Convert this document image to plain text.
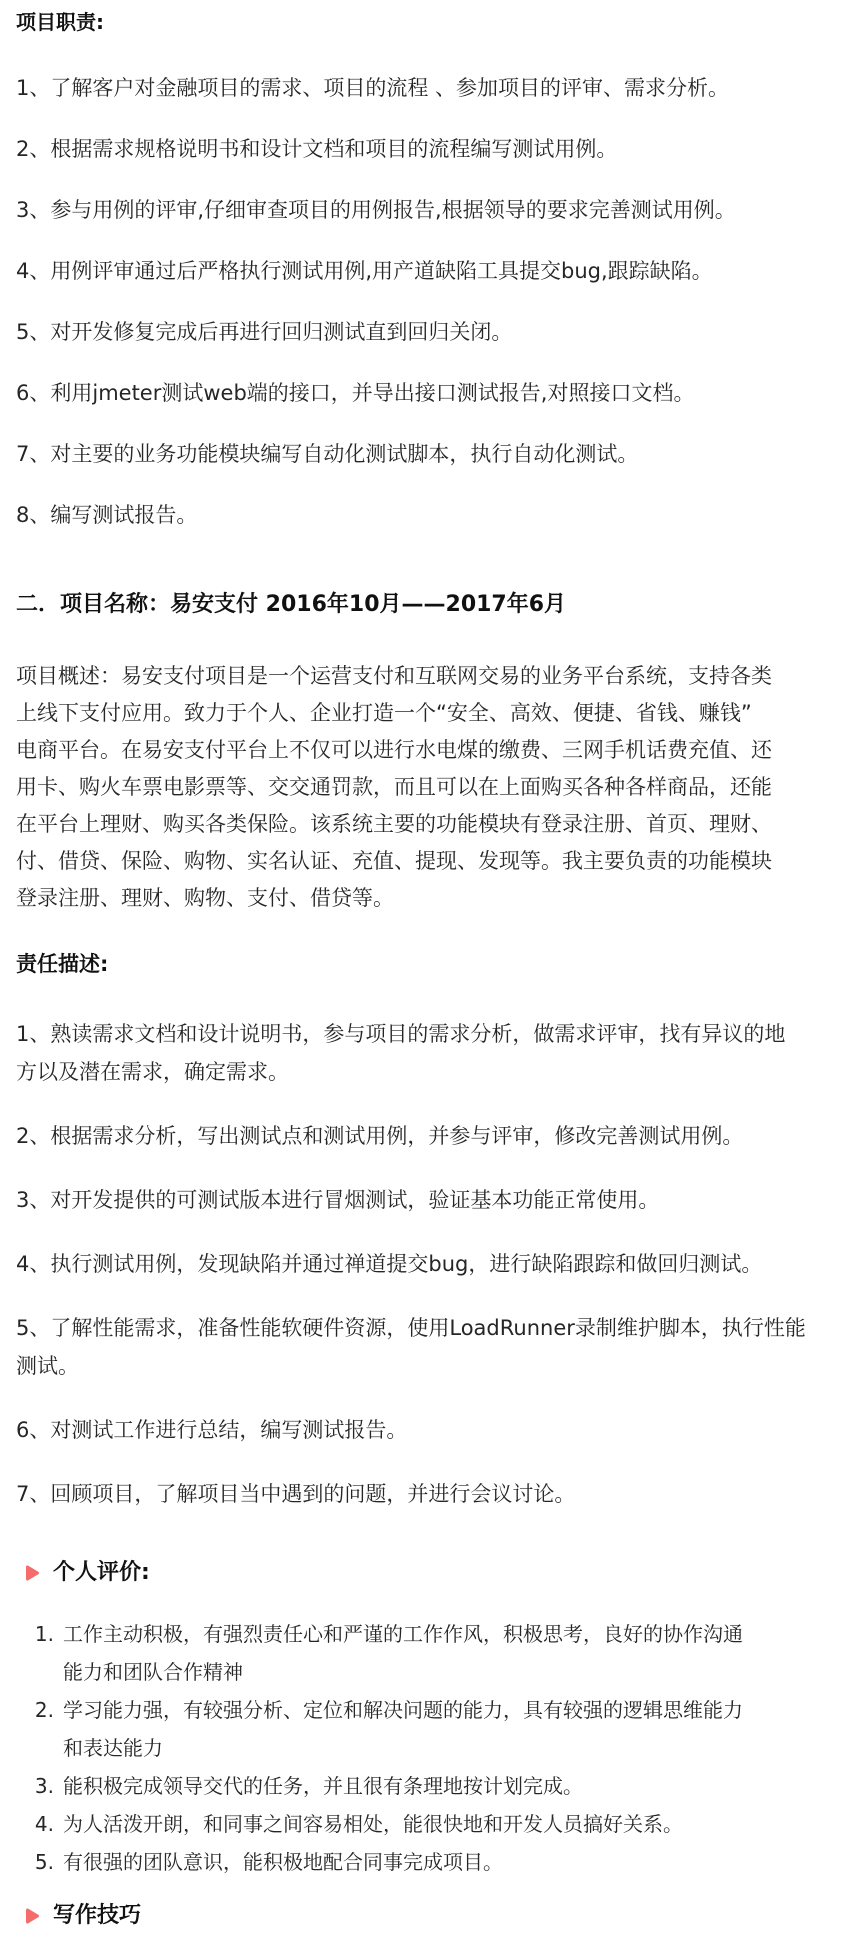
项目职责:
1、了解客户对金融项目的需求、项目的流程 、参加项目的评审、需求分析。
2、根据需求规格说明书和设计文档和项目的流程编写测试用例。
3、参与用例的评审,仔细审查项目的用例报告,根据领导的要求完善测试用例。
4、用例评审通过后严格执行测试用例,用产道缺陷工具提交bug,跟踪缺陷。
5、对开发修复完成后再进行回归测试直到回归关闭。
6、利用jmeter测试web端的接口，并导出接口测试报告,对照接口文档。
7、对主要的业务功能模块编写自动化测试脚本，执行自动化测试。
8、编写测试报告。
二．项目名称：易安支付 2016年10月——2017年6月
项目概述：易安支付项目是一个运营支付和互联网交易的业务平台系统，支持各类
上线下支付应用。致力于个人、企业打造一个“安全、高效、便捷、省钱、赚钱”
电商平台。在易安支付平台上不仅可以进行水电煤的缴费、三网手机话费充值、还
用卡、购火车票电影票等、交交通罚款，而且可以在上面购买各种各样商品，还能
在平台上理财、购买各类保险。该系统主要的功能模块有登录注册、首页、理财、
付、借贷、保险、购物、实名认证、充值、提现、发现等。我主要负责的功能模块
登录注册、理财、购物、支付、借贷等。
责任描述:
1、熟读需求文档和设计说明书，参与项目的需求分析，做需求评审，找有异议的地
方以及潜在需求，确定需求。
2、根据需求分析，写出测试点和测试用例，并参与评审，修改完善测试用例。
3、对开发提供的可测试版本进行冒烟测试，验证基本功能正常使用。
4、执行测试用例，发现缺陷并通过禅道提交bug，进行缺陷跟踪和做回归测试。
5、了解性能需求，准备性能软硬件资源，使用LoadRunner录制维护脚本，执行性能
测试。
6、对测试工作进行总结，编写测试报告。
7、回顾项目，了解项目当中遇到的问题，并进行会议讨论。
个人评价:
1. 工作主动积极，有强烈责任心和严谨的工作作风，积极思考，良好的协作沟通
能力和团队合作精神
2. 学习能力强，有较强分析、定位和解决问题的能力，具有较强的逻辑思维能力
和表达能力
3. 能积极完成领导交代的任务，并且很有条理地按计划完成。
4. 为人活泼开朗，和同事之间容易相处，能很快地和开发人员搞好关系。
5. 有很强的团队意识，能积极地配合同事完成项目。
写作技巧
